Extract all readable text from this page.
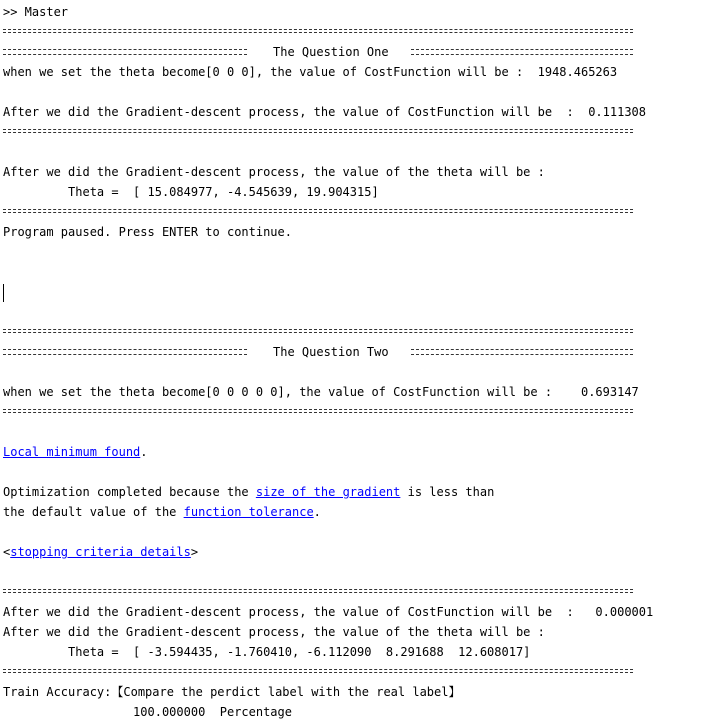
>> Master
The Question One
when we set the theta become[0 0 0], the value of CostFunction will be :  1948.465263
After we did the Gradient-descent process, the value of CostFunction will be  :  0.111308
After we did the Gradient-descent process, the value of the theta will be :
Theta =  [ 15.084977, -4.545639, 19.904315]
Program paused. Press ENTER to continue.
The Question Two
when we set the theta become[0 0 0 0 0], the value of CostFunction will be :    0.693147
Local minimum found.
Optimization completed because the size of the gradient is less than
the default value of the function tolerance.
<stopping criteria details>
After we did the Gradient-descent process, the value of CostFunction will be  :   0.000001
After we did the Gradient-descent process, the value of the theta will be :
Theta =  [ -3.594435, -1.760410, -6.112090  8.291688  12.608017]
Train Accuracy:【Compare the perdict label with the real label】
100.000000  Percentage
